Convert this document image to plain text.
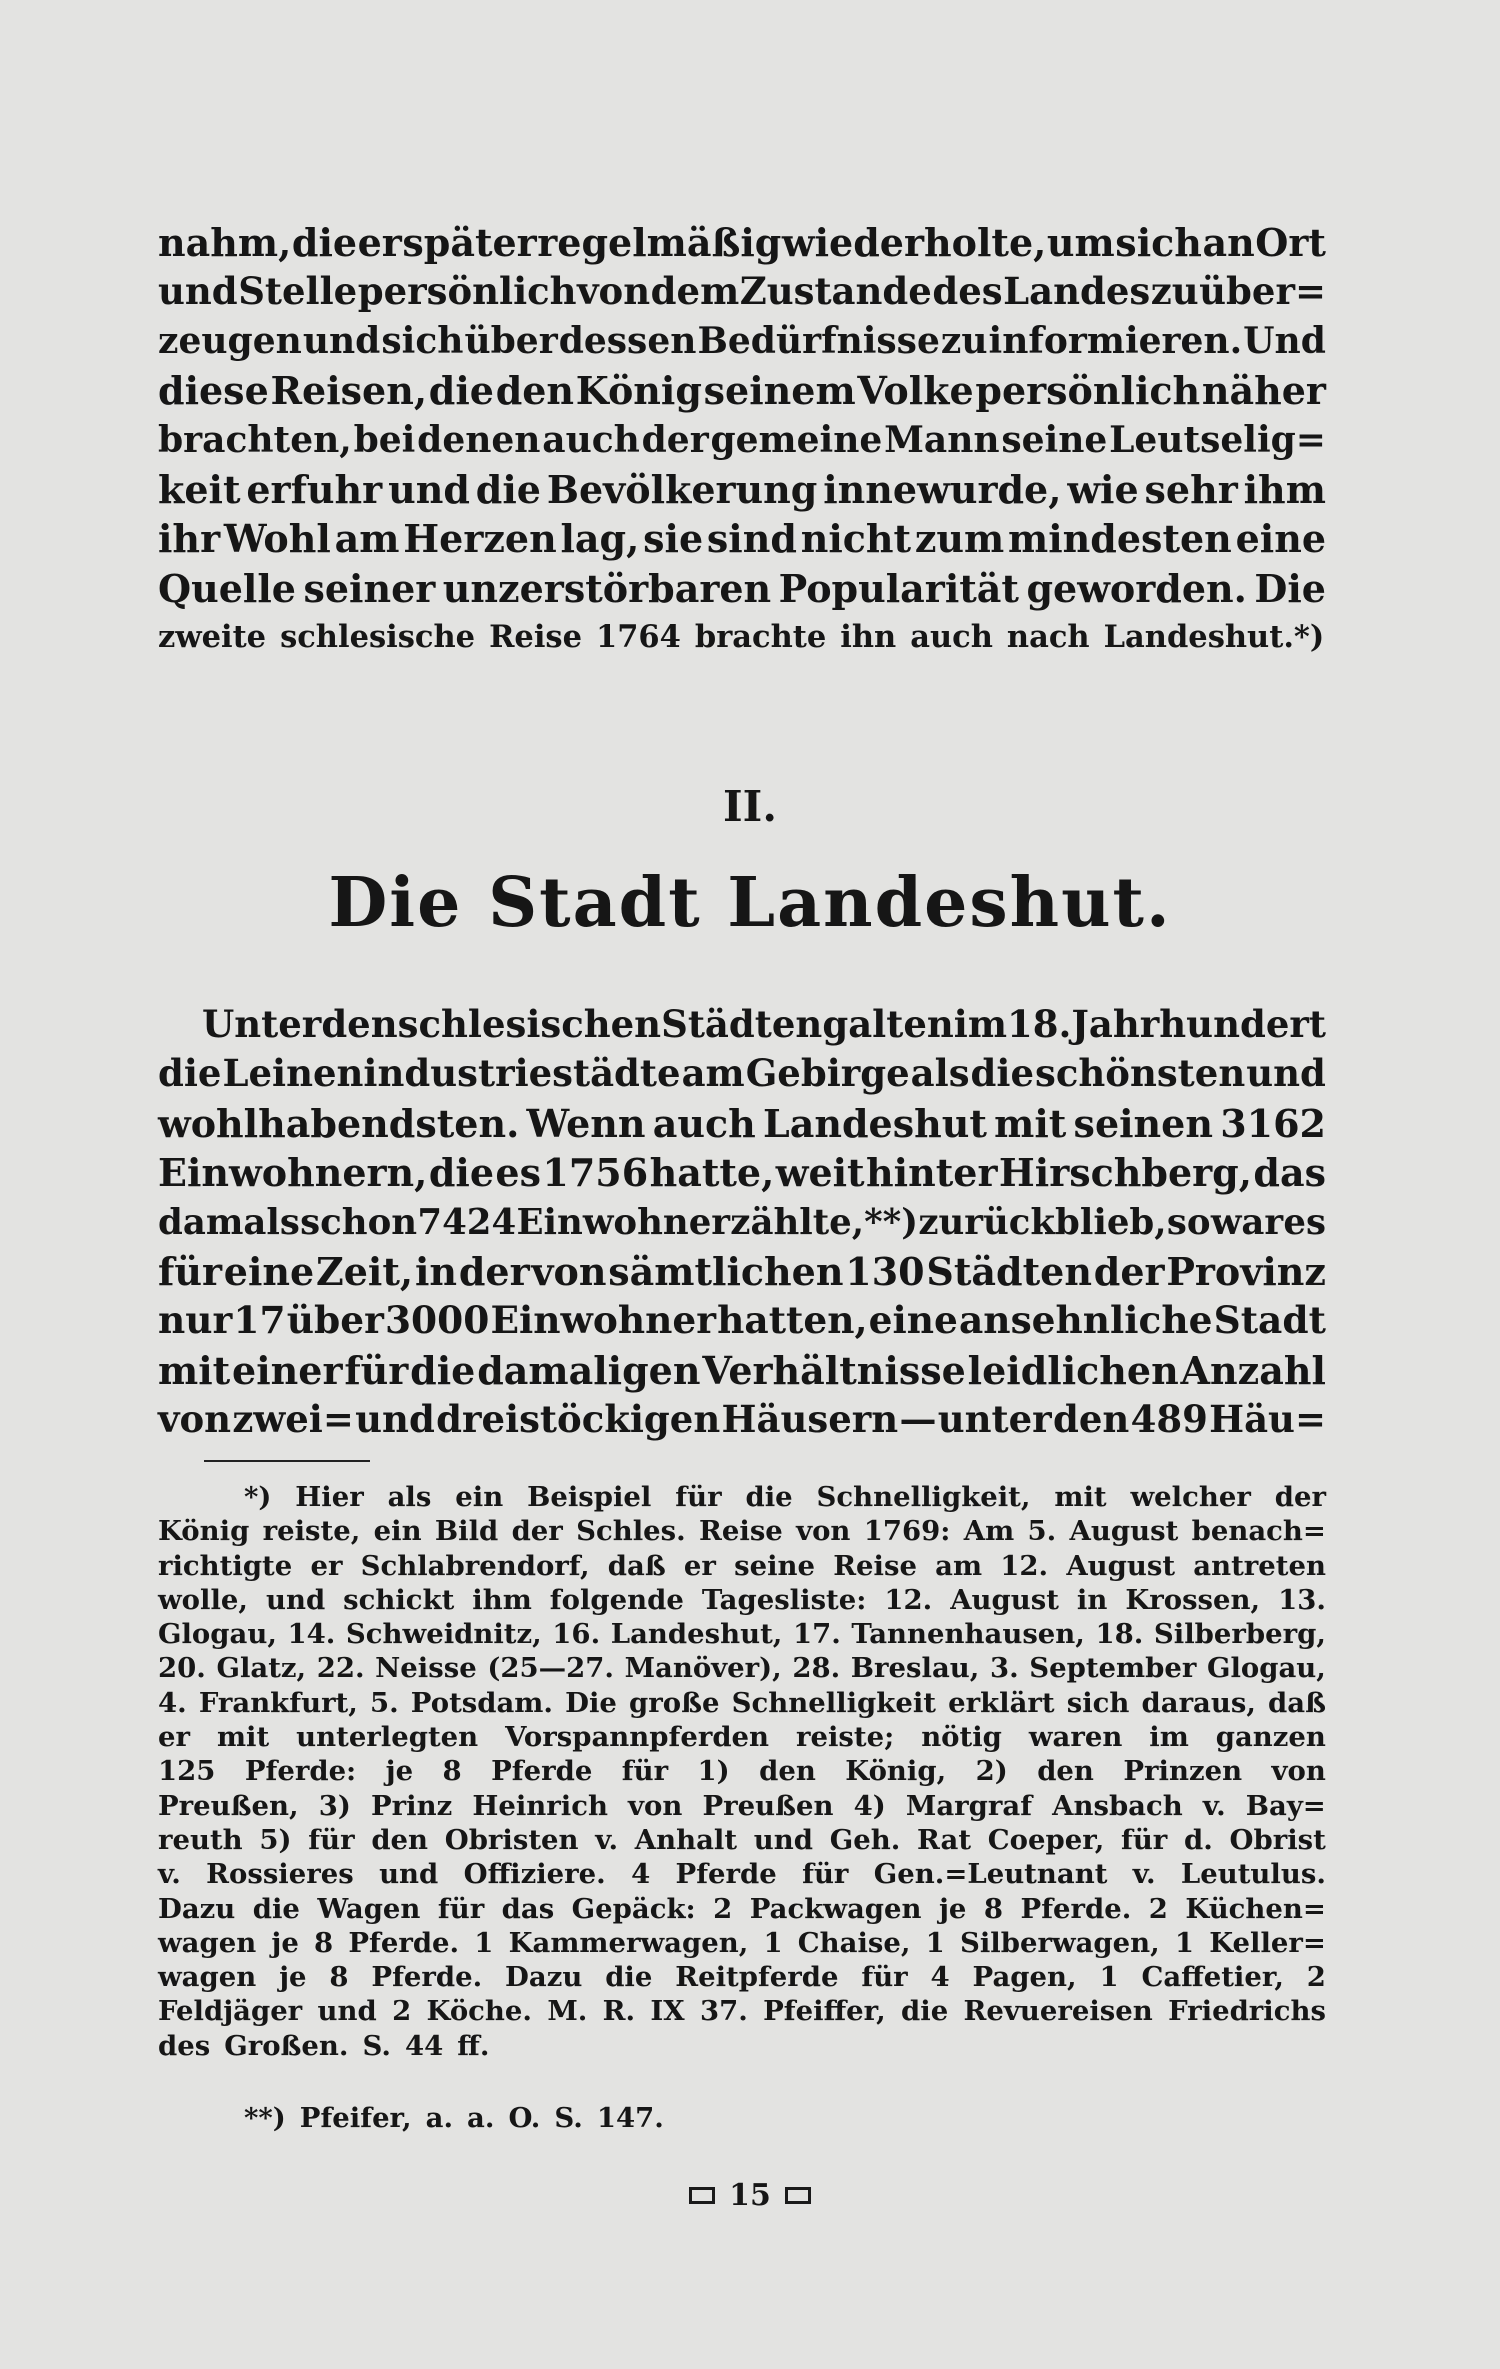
nahm, die er später regelmäßig wiederholte, um sich an Ort
und Stelle persönlich von dem Zustande des Landes zu über=
zeugen und sich über dessen Bedürfnisse zu informieren. Und
diese Reisen, die den König seinem Volke persönlich näher
brachten, bei denen auch der gemeine Mann seine Leutselig=
keit erfuhr und die Bevölkerung innewurde, wie sehr ihm
ihr Wohl am Herzen lag, sie sind nicht zum mindesten eine
Quelle seiner unzerstörbaren Popularität geworden. Die
zweite schlesische Reise 1764 brachte ihn auch nach Landeshut.*)
II.
Die Stadt Landeshut.
Unter den schlesischen Städten galten im 18. Jahrhundert
die Leinenindustriestädte am Gebirge als die schönsten und
wohlhabendsten. Wenn auch Landeshut mit seinen 3162
Einwohnern, die es 1756 hatte, weit hinter Hirschberg, das
damals schon 7424 Einwohner zählte,**) zurückblieb, so war es
für eine Zeit, in der von sämtlichen 130 Städten der Provinz
nur 17 über 3000 Einwohner hatten, eine ansehnliche Stadt
mit einer für die damaligen Verhältnisse leidlichen Anzahl
von zwei= und dreistöckigen Häusern — unter den 489 Häu=
*) Hier als ein Beispiel für die Schnelligkeit, mit welcher der
König reiste, ein Bild der Schles. Reise von 1769: Am 5. August benach=
richtigte er Schlabrendorf, daß er seine Reise am 12. August antreten
wolle, und schickt ihm folgende Tagesliste: 12. August in Krossen, 13.
Glogau, 14. Schweidnitz, 16. Landeshut, 17. Tannenhausen, 18. Silberberg,
20. Glatz, 22. Neisse (25—27. Manöver), 28. Breslau, 3. September Glogau,
4. Frankfurt, 5. Potsdam. Die große Schnelligkeit erklärt sich daraus, daß
er mit unterlegten Vorspannpferden reiste; nötig waren im ganzen
125 Pferde: je 8 Pferde für 1) den König, 2) den Prinzen von
Preußen, 3) Prinz Heinrich von Preußen 4) Margraf Ansbach v. Bay=
reuth 5) für den Obristen v. Anhalt und Geh. Rat Coeper, für d. Obrist
v. Rossieres und Offiziere. 4 Pferde für Gen.=Leutnant v. Leutulus.
Dazu die Wagen für das Gepäck: 2 Packwagen je 8 Pferde. 2 Küchen=
wagen je 8 Pferde. 1 Kammerwagen, 1 Chaise, 1 Silberwagen, 1 Keller=
wagen je 8 Pferde. Dazu die Reitpferde für 4 Pagen, 1 Caffetier, 2
Feldjäger und 2 Köche. M. R. IX 37. Pfeiffer, die Revuereisen Friedrichs
des Großen. S. 44 ff.
**) Pfeifer, a. a. O. S. 147.
15
